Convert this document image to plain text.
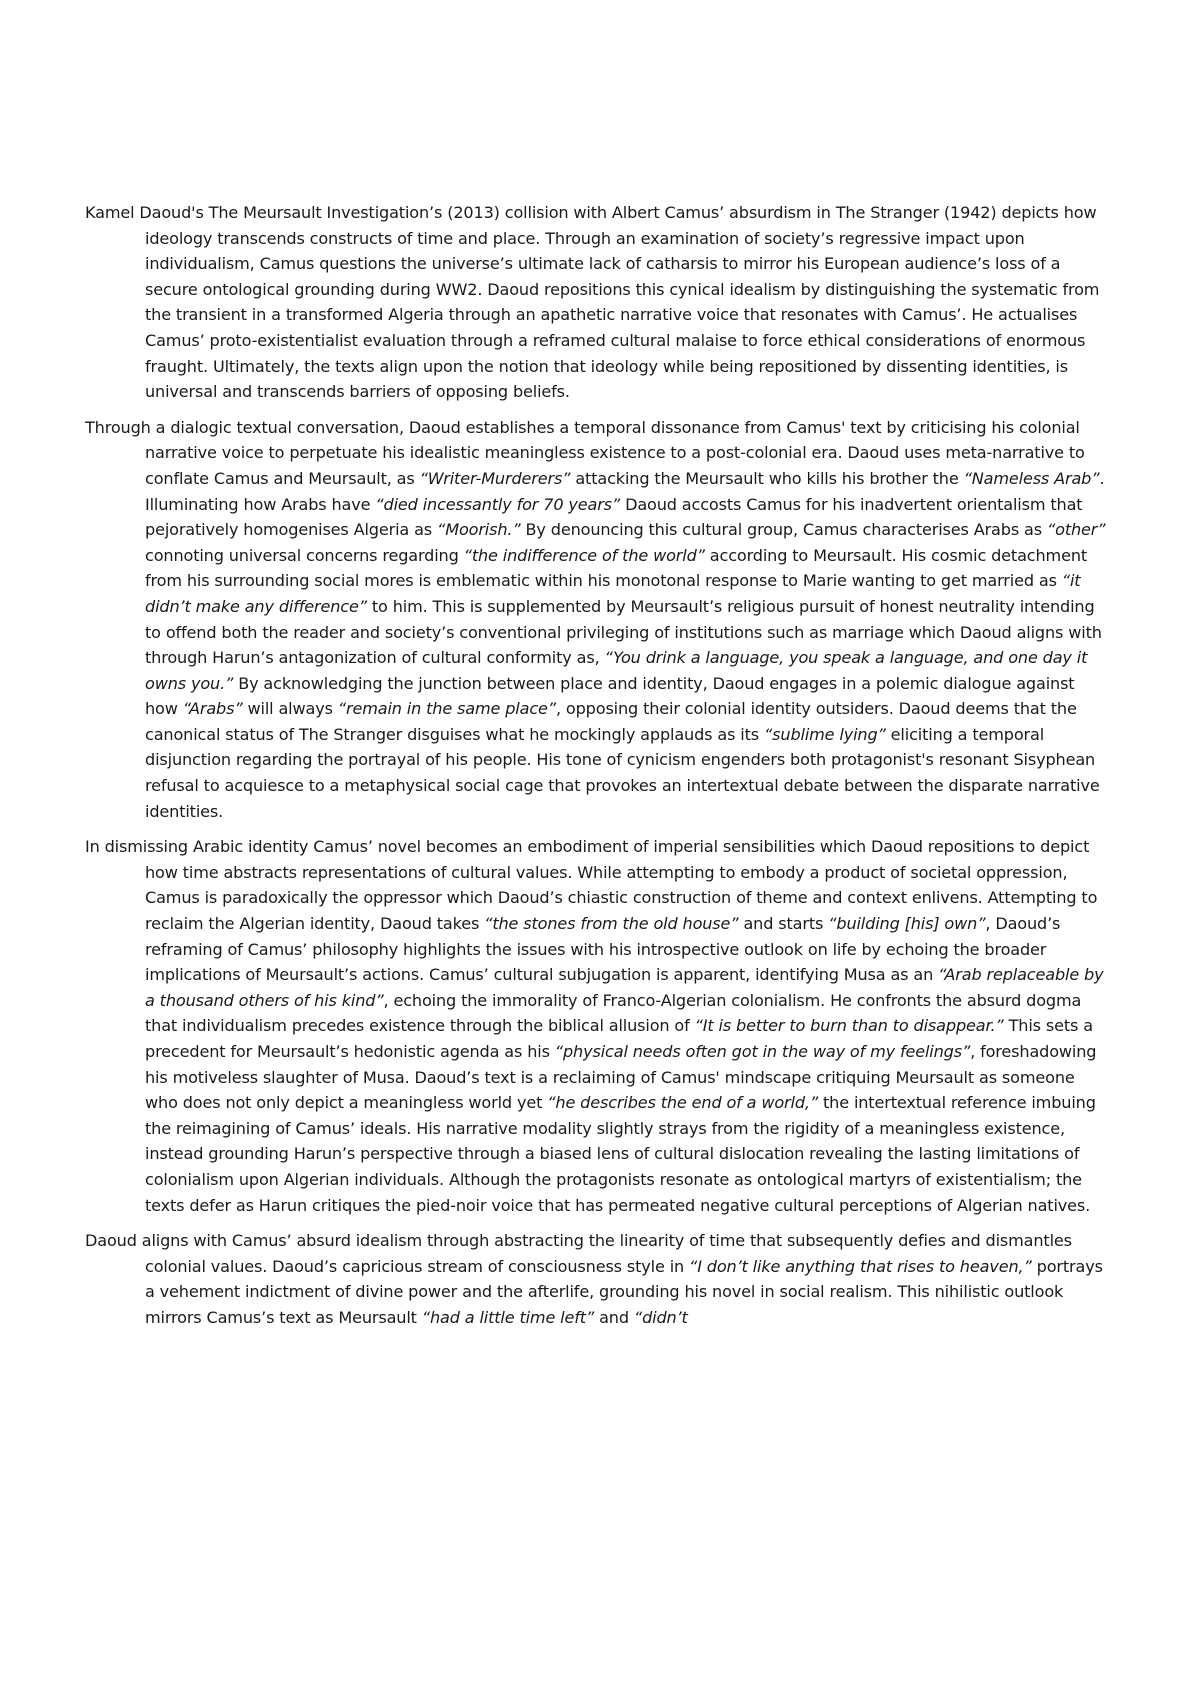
Kamel Daoud's The Meursault Investigation’s (2013) collision with Albert Camus’ absurdism in The Stranger (1942) depicts how ideology transcends constructs of time and place. Through an examination of society’s regressive impact upon individualism, Camus questions the universe’s ultimate lack of catharsis to mirror his European audience’s loss of a secure ontological grounding during WW2. Daoud repositions this cynical idealism by distinguishing the systematic from the transient in a transformed Algeria through an apathetic narrative voice that resonates with Camus’. He actualises Camus’ proto-existentialist evaluation through a reframed cultural malaise to force ethical considerations of enormous fraught. Ultimately, the texts align upon the notion that ideology while being repositioned by dissenting identities, is universal and transcends barriers of opposing beliefs.

Through a dialogic textual conversation, Daoud establishes a temporal dissonance from Camus' text by criticising his colonial narrative voice to perpetuate his idealistic meaningless existence to a post-colonial era. Daoud uses meta-narrative to conflate Camus and Meursault, as “Writer-Murderers” attacking the Meursault who kills his brother the “Nameless Arab”. Illuminating how Arabs have “died incessantly for 70 years” Daoud accosts Camus for his inadvertent orientalism that pejoratively homogenises Algeria as “Moorish.” By denouncing this cultural group, Camus characterises Arabs as “other” connoting universal concerns regarding “the indifference of the world” according to Meursault. His cosmic detachment from his surrounding social mores is emblematic within his monotonal response to Marie wanting to get married as “it didn’t make any difference” to him. This is supplemented by Meursault’s religious pursuit of honest neutrality intending to offend both the reader and society’s conventional privileging of institutions such as marriage which Daoud aligns with through Harun’s antagonization of cultural conformity as, “You drink a language, you speak a language, and one day it owns you.” By acknowledging the junction between place and identity, Daoud engages in a polemic dialogue against how “Arabs” will always “remain in the same place”, opposing their colonial identity outsiders. Daoud deems that the canonical status of The Stranger disguises what he mockingly applauds as its “sublime lying” eliciting a temporal disjunction regarding the portrayal of his people. His tone of cynicism engenders both protagonist's resonant Sisyphean refusal to acquiesce to a metaphysical social cage that provokes an intertextual debate between the disparate narrative identities.

In dismissing Arabic identity Camus’ novel becomes an embodiment of imperial sensibilities which Daoud repositions to depict how time abstracts representations of cultural values. While attempting to embody a product of societal oppression, Camus is paradoxically the oppressor which Daoud’s chiastic construction of theme and context enlivens. Attempting to reclaim the Algerian identity, Daoud takes “the stones from the old house” and starts “building [his] own”, Daoud’s reframing of Camus’ philosophy highlights the issues with his introspective outlook on life by echoing the broader implications of Meursault’s actions. Camus’ cultural subjugation is apparent, identifying Musa as an “Arab replaceable by a thousand others of his kind”, echoing the immorality of Franco-Algerian colonialism. He confronts the absurd dogma that individualism precedes existence through the biblical allusion of “It is better to burn than to disappear.” This sets a precedent for Meursault’s hedonistic agenda as his “physical needs often got in the way of my feelings”, foreshadowing his motiveless slaughter of Musa. Daoud’s text is a reclaiming of Camus' mindscape critiquing Meursault as someone who does not only depict a meaningless world yet “he describes the end of a world,” the intertextual reference imbuing the reimagining of Camus’ ideals. His narrative modality slightly strays from the rigidity of a meaningless existence, instead grounding Harun’s perspective through a biased lens of cultural dislocation revealing the lasting limitations of colonialism upon Algerian individuals. Although the protagonists resonate as ontological martyrs of existentialism; the texts defer as Harun critiques the pied-noir voice that has permeated negative cultural perceptions of Algerian natives.

Daoud aligns with Camus’ absurd idealism through abstracting the linearity of time that subsequently defies and dismantles colonial values. Daoud’s capricious stream of consciousness style in “I don’t like anything that rises to heaven,” portrays a vehement indictment of divine power and the afterlife, grounding his novel in social realism. This nihilistic outlook mirrors Camus’s text as Meursault “had a little time left” and “didn’t
